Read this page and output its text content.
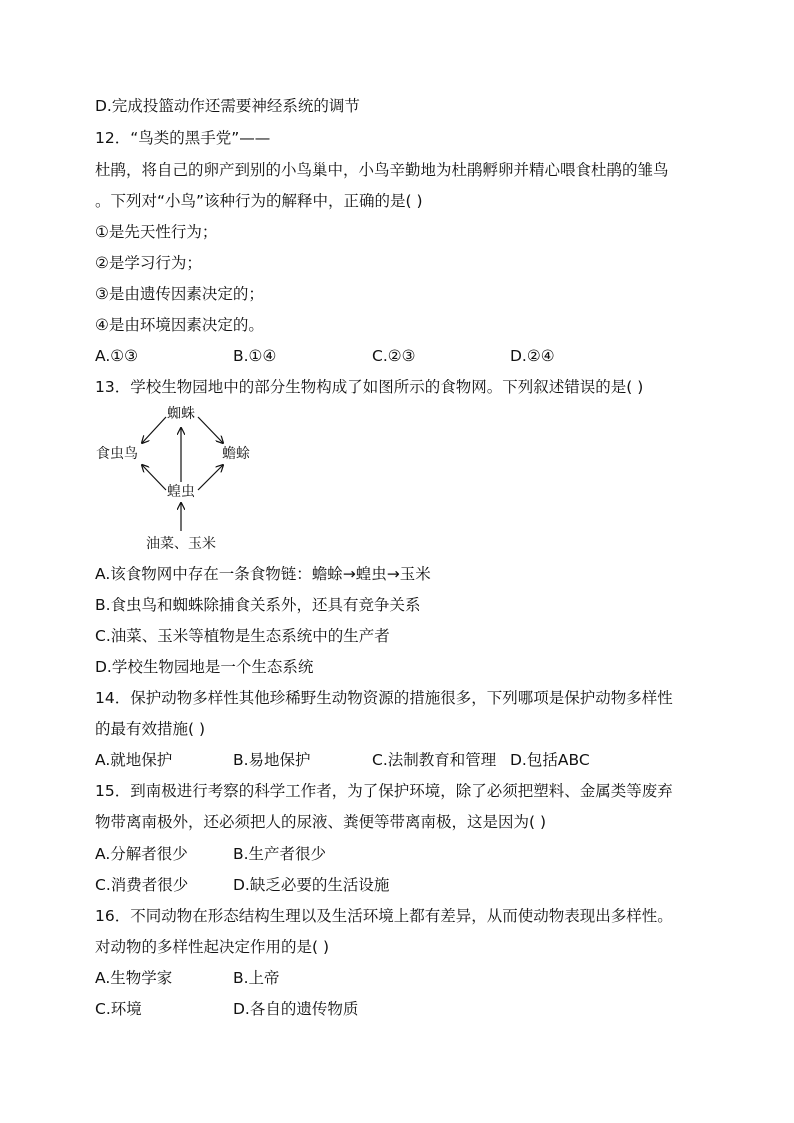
D.完成投篮动作还需要神经系统的调节
12．“鸟类的黑手党”——
杜鹃，将自己的卵产到别的小鸟巢中，小鸟辛勤地为杜鹃孵卵并精心喂食杜鹃的雏鸟
。下列对“小鸟”该种行为的解释中，正确的是( )
①是先天性行为；
②是学习行为；
③是由遗传因素决定的；
④是由环境因素决定的。
A.①③	B.①④	C.②③	D.②④
13．学校生物园地中的部分生物构成了如图所示的食物网。下列叙述错误的是( )
蜘蛛
食虫鸟	蟾蜍
蝗虫
油菜、玉米
A.该食物网中存在一条食物链：蟾蜍→蝗虫→玉米
B.食虫鸟和蜘蛛除捕食关系外，还具有竞争关系
C.油菜、玉米等植物是生态系统中的生产者
D.学校生物园地是一个生态系统
14．保护动物多样性其他珍稀野生动物资源的措施很多，下列哪项是保护动物多样性
的最有效措施( )
A.就地保护	B.易地保护	C.法制教育和管理 D.包括ABC
15．到南极进行考察的科学工作者，为了保护环境，除了必须把塑料、金属类等废弃
物带离南极外，还必须把人的尿液、粪便等带离南极，这是因为( )
A.分解者很少	B.生产者很少
C.消费者很少	D.缺乏必要的生活设施
16．不同动物在形态结构生理以及生活环境上都有差异，从而使动物表现出多样性。
对动物的多样性起决定作用的是( )
A.生物学家	B.上帝
C.环境	D.各自的遗传物质
